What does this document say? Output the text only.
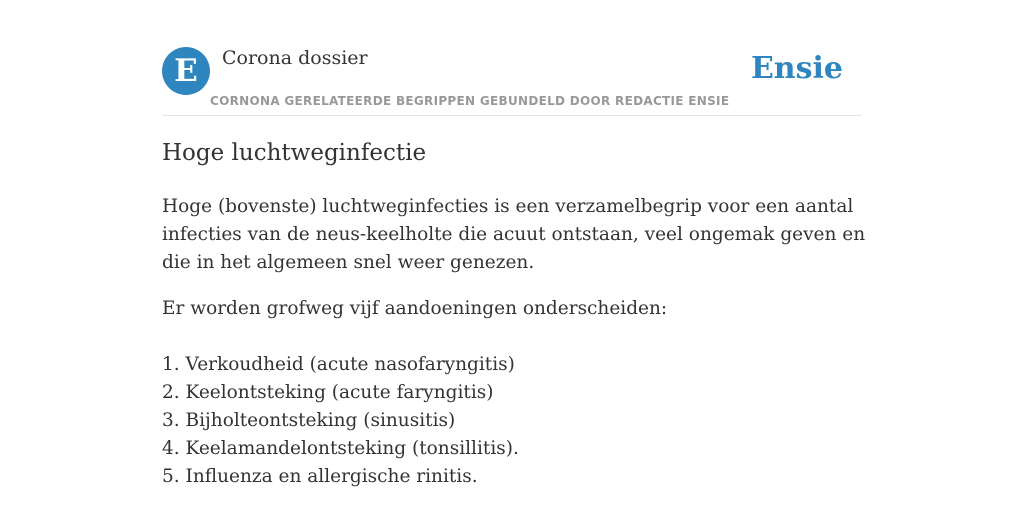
E	Corona dossier
CORNONA GERELATEERDE BEGRIPPEN GEBUNDELD DOOR REDACTIE ENSIE
Ensie
Hoge luchtweginfectie

Hoge (bovenste) luchtweginfecties is een verzamelbegrip voor een aantal infecties van de neus-keelholte die acuut ontstaan, veel ongemak geven en die in het algemeen snel weer genezen.

Er worden grofweg vijf aandoeningen onderscheiden:

1. Verkoudheid (acute nasofaryngitis)
2. Keelontsteking (acute faryngitis)
3. Bijholteontsteking (sinusitis)
4. Keelamandelontsteking (tonsillitis).
5. Influenza en allergische rinitis.
